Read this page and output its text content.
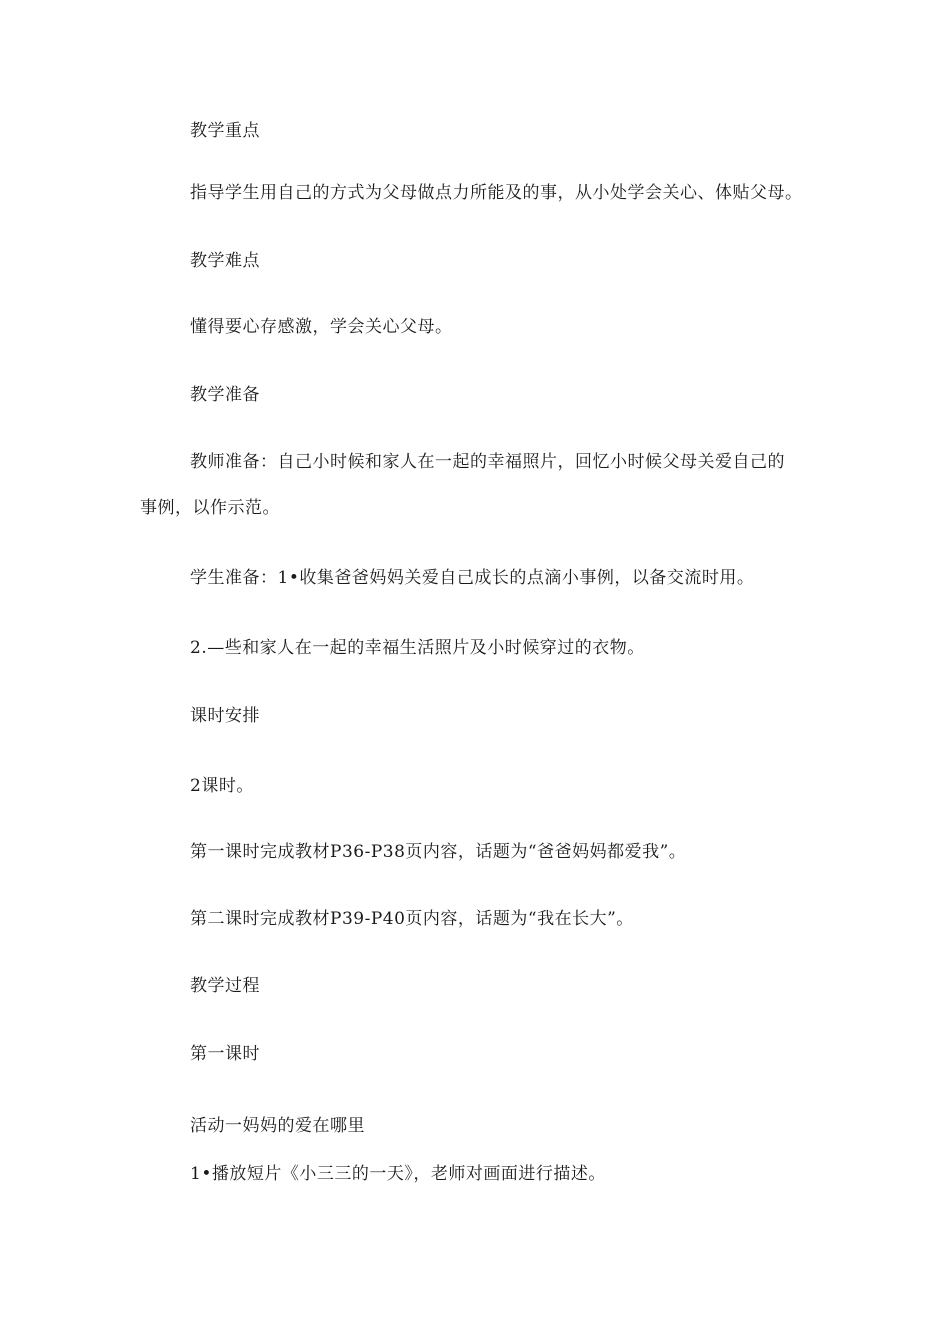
教学重点
指导学生用自己的方式为父母做点力所能及的事，从小处学会关心、体贴父母。
教学难点
懂得要心存感激，学会关心父母。
教学准备
教师准备：自己小时候和家人在一起的幸福照片，回忆小时候父母关爱自己的
事例，以作示范。
学生准备：1•收集爸爸妈妈关爱自己成长的点滴小事例，以备交流时用。
2.—些和家人在一起的幸福生活照片及小时候穿过的衣物。
课时安排
2课时。
第一课时完成教材P36-P38页内容，话题为“爸爸妈妈都爱我”。
第二课时完成教材P39-P40页内容，话题为“我在长大”。
教学过程
第一课时
活动一妈妈的爱在哪里
1•播放短片《小三三的一天》，老师对画面进行描述。
